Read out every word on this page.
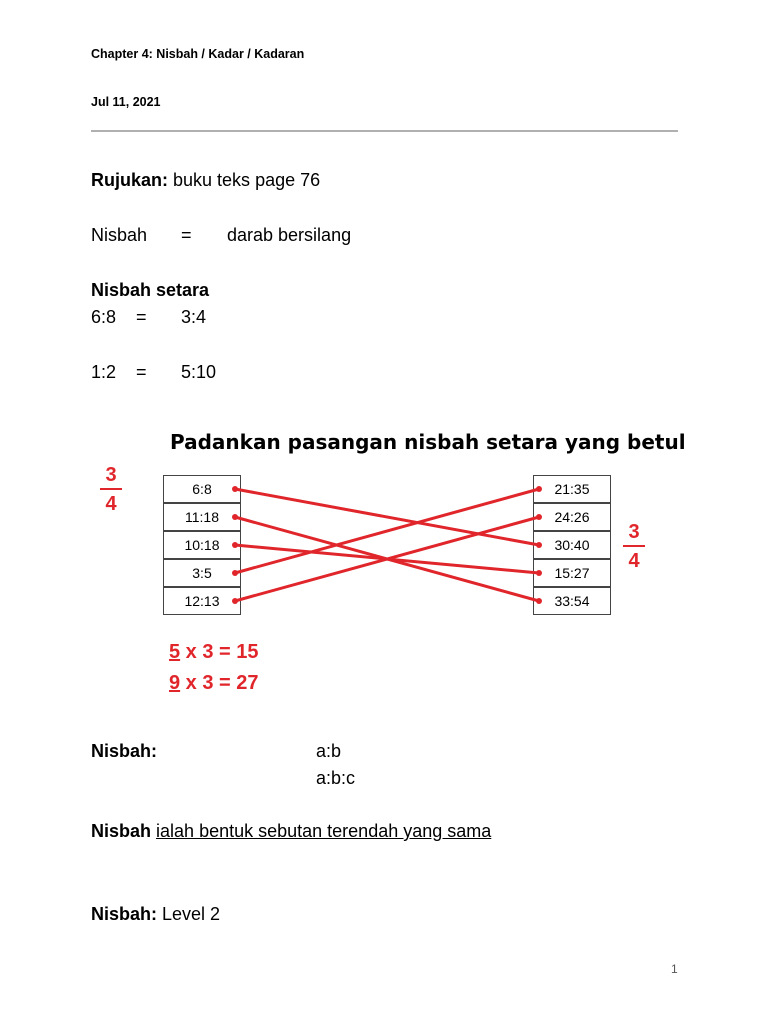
Chapter 4: Nisbah / Kadar / Kadaran
Jul 11, 2021
Rujukan: buku teks page 76
Nisbah = darab bersilang
Nisbah setara
6:8 = 3:4
1:2 = 5:10
Padankan pasangan nisbah setara yang betul
$\frac{3}{4}$	6:8
11:18
10:18
3:5
12:13
21:35
24:26
30:40
15:27
33:54
$\frac{3}{4}$
5 x 3 = 15
9 x 3 = 27
Nisbah:	a:b
a:b:c
Nisbah ialah bentuk sebutan terendah yang sama
Nisbah: Level 2
1
